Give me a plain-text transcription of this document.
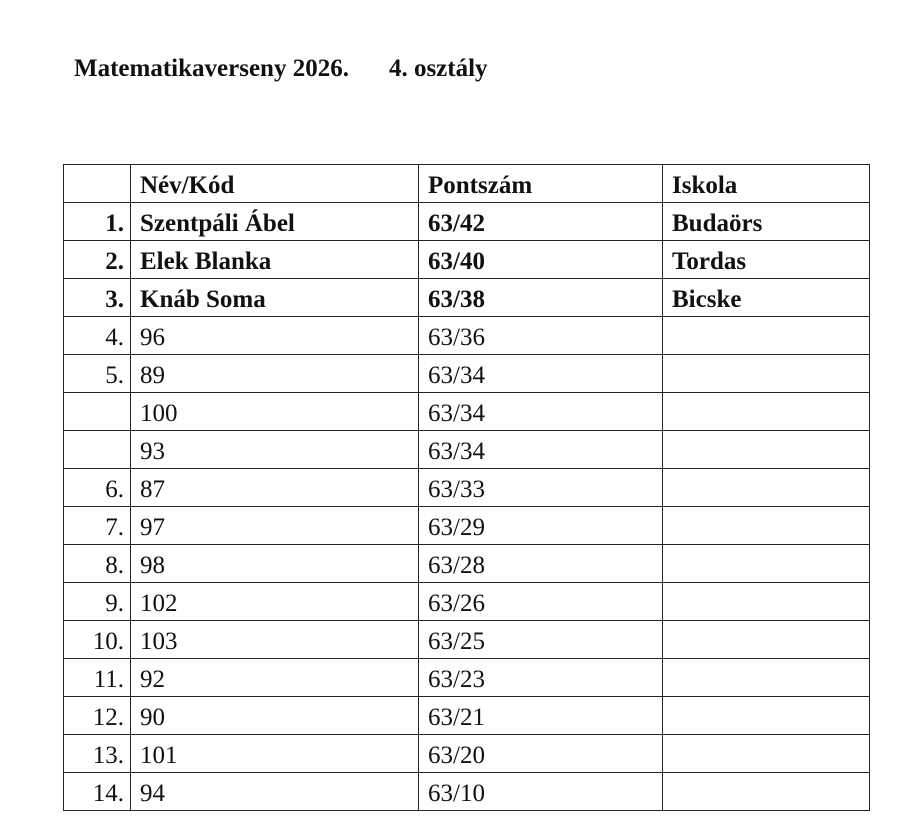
Matematikaverseny 2026. 4. osztály
	Név/Kód	Pontszám	Iskola
1.	Szentpáli Ábel	63/42	Budaörs
2.	Elek Blanka	63/40	Tordas
3.	Knáb Soma	63/38	Bicske
4.	96	63/36	
5.	89	63/34	
	100	63/34	
	93	63/34	
6.	87	63/33	
7.	97	63/29	
8.	98	63/28	
9.	102	63/26	
10.	103	63/25	
11.	92	63/23	
12.	90	63/21	
13.	101	63/20	
14.	94	63/10	
